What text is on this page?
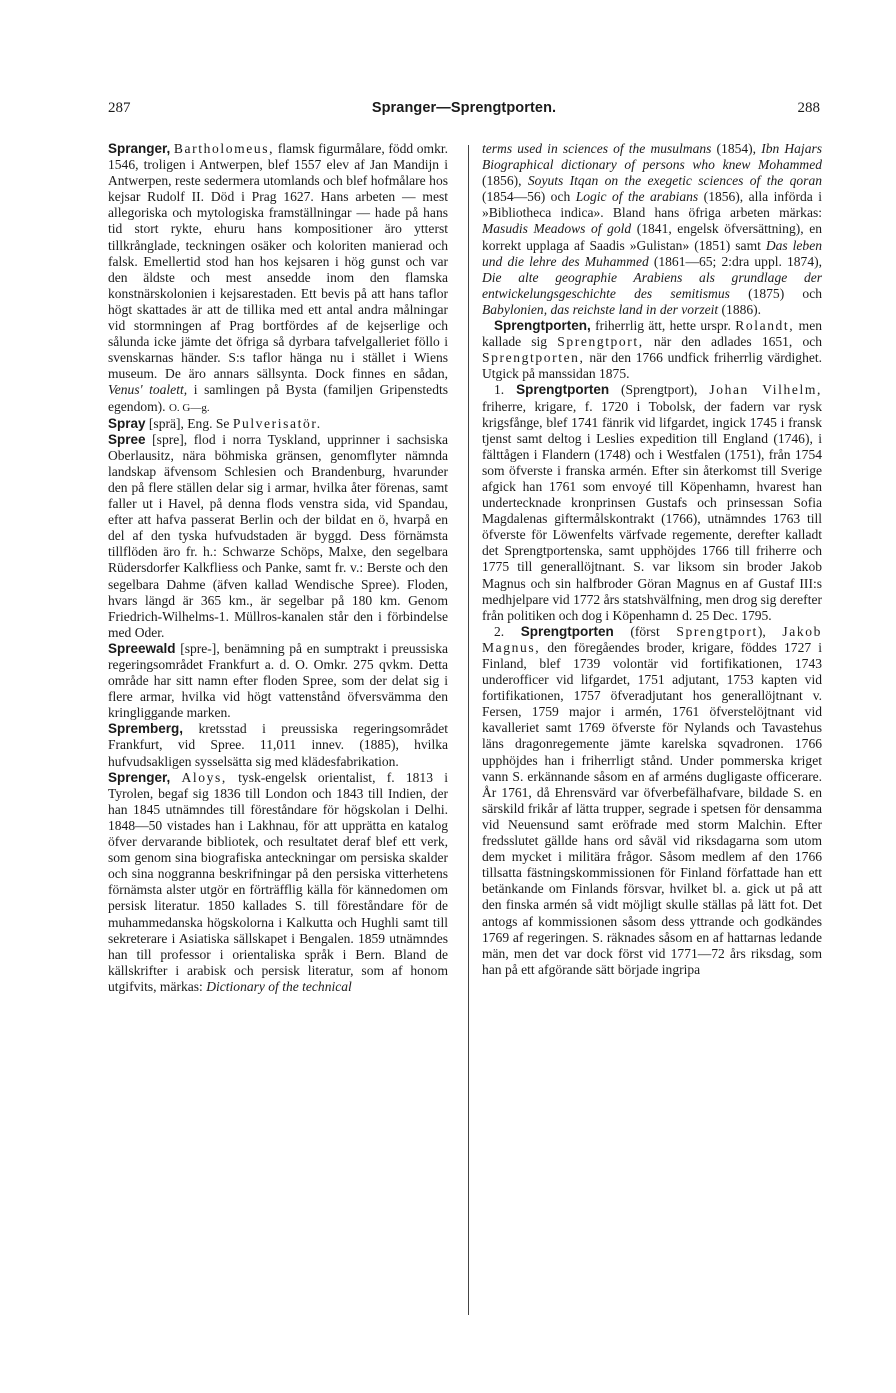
287	Spranger—Sprengtporten.	288

Spranger, Bartholomeus, flamsk figurmålare, född omkr. 1546, troligen i Antwerpen, blef 1557 elev af Jan Mandijn i Antwerpen, reste sedermera utomlands och blef hofmålare hos kejsar Rudolf II. Död i Prag 1627. Hans arbeten — mest allegoriska och mytologiska framställningar — hade på hans tid stort rykte, ehuru hans kompositioner äro ytterst tillkrånglade, teckningen osäker och koloriten manierad och falsk. Emellertid stod han hos kejsaren i hög gunst och var den äldste och mest ansedde inom den flamska konstnärskolonien i kejsarestaden. Ett bevis på att hans taflor högt skattades är att de tillika med ett antal andra målningar vid stormningen af Prag bortfördes af de kejserlige och sålunda icke jämte det öfriga så dyrbara tafvelgalleriet föllo i svenskarnas händer. S:s taflor hänga nu i stället i Wiens museum. De äro annars sällsynta. Dock finnes en sådan, Venus' toalett, i samlingen på Bysta (familjen Gripenstedts egendom). O. G—g.

Spray [sprä], Eng. Se Pulverisatör.

Spree [spre], flod i norra Tyskland, upprinner i sachsiska Oberlausitz, nära böhmiska gränsen, genomflyter nämnda landskap äfvensom Schlesien och Brandenburg, hvarunder den på flere ställen delar sig i armar, hvilka åter förenas, samt faller ut i Havel, på denna flods venstra sida, vid Spandau, efter att hafva passerat Berlin och der bildat en ö, hvarpå en del af den tyska hufvudstaden är byggd. Dess förnämsta tillflöden äro fr. h.: Schwarze Schöps, Malxe, den segelbara Rüdersdorfer Kalkfliess och Panke, samt fr. v.: Berste och den segelbara Dahme (äfven kallad Wendische Spree). Floden, hvars längd är 365 km., är segelbar på 180 km. Genom Friedrich-Wilhelms-1. Müllros-kanalen står den i förbindelse med Oder.

Spreewald [spre-], benämning på en sumptrakt i preussiska regeringsområdet Frankfurt a. d. O. Omkr. 275 qvkm. Detta område har sitt namn efter floden Spree, som der delat sig i flere armar, hvilka vid högt vattenstånd öfversvämma den kringliggande marken.

Spremberg, kretsstad i preussiska regeringsområdet Frankfurt, vid Spree. 11,011 innev. (1885), hvilka hufvudsakligen sysselsätta sig med klädesfabrikation.

Sprenger, Aloys, tysk-engelsk orientalist, f. 1813 i Tyrolen, begaf sig 1836 till London och 1843 till Indien, der han 1845 utnämndes till föreståndare för högskolan i Delhi. 1848—50 vistades han i Lakhnau, för att upprätta en katalog öfver dervarande bibliotek, och resultatet deraf blef ett verk, som genom sina biografiska anteckningar om persiska skalder och sina noggranna beskrifningar på den persiska vitterhetens förnämsta alster utgör en förträfflig källa för kännedomen om persisk literatur. 1850 kallades S. till föreståndare för de muhammedanska högskolorna i Kalkutta och Hughli samt till sekreterare i Asiatiska sällskapet i Bengalen. 1859 utnämndes han till professor i orientaliska språk i Bern. Bland de källskrifter i arabisk och persisk literatur, som af honom utgifvits, märkas: Dictionary of the technical

terms used in sciences of the musulmans (1854), Ibn Hajars Biographical dictionary of persons who knew Mohammed (1856), Soyuts Itqan on the exegetic sciences of the qoran (1854—56) och Logic of the arabians (1856), alla införda i »Bibliotheca indica». Bland hans öfriga arbeten märkas: Masudis Meadows of gold (1841, engelsk öfversättning), en korrekt upplaga af Saadis »Gulistan» (1851) samt Das leben und die lehre des Muhammed (1861—65; 2:dra uppl. 1874), Die alte geographie Arabiens als grundlage der entwickelungsgeschichte des semitismus (1875) och Babylonien, das reichste land in der vorzeit (1886).

Sprengtporten, friherrlig ätt, hette urspr. Rolandt, men kallade sig Sprengtport, när den adlades 1651, och Sprengtporten, när den 1766 undfick friherrlig värdighet. Utgick på manssidan 1875.

1. Sprengtporten (Sprengtport), Johan Vilhelm, friherre, krigare, f. 1720 i Tobolsk, der fadern var rysk krigsfånge, blef 1741 fänrik vid lifgardet, ingick 1745 i fransk tjenst samt deltog i Leslies expedition till England (1746), i fälttågen i Flandern (1748) och i Westfalen (1751), från 1754 som öfverste i franska armén. Efter sin återkomst till Sverige afgick han 1761 som envoyé till Köpenhamn, hvarest han undertecknade kronprinsen Gustafs och prinsessan Sofia Magdalenas giftermålskontrakt (1766), utnämndes 1763 till öfverste för Löwenfelts värfvade regemente, derefter kalladt det Sprengtportenska, samt upphöjdes 1766 till friherre och 1775 till generallöjtnant. S. var liksom sin broder Jakob Magnus och sin halfbroder Göran Magnus en af Gustaf III:s medhjelpare vid 1772 års statshvälfning, men drog sig derefter från politiken och dog i Köpenhamn d. 25 Dec. 1795.

2. Sprengtporten (först Sprengtport), Jakob Magnus, den föregåendes broder, krigare, föddes 1727 i Finland, blef 1739 volontär vid fortifikationen, 1743 underofficer vid lifgardet, 1751 adjutant, 1753 kapten vid fortifikationen, 1757 öfveradjutant hos generallöjtnant v. Fersen, 1759 major i armén, 1761 öfverstelöjtnant vid kavalleriet samt 1769 öfverste för Nylands och Tavastehus läns dragonregemente jämte karelska sqvadronen. 1766 upphöjdes han i friherrligt stånd. Under pommerska kriget vann S. erkännande såsom en af arméns dugligaste officerare. År 1761, då Ehrensvärd var öfverbefälhafvare, bildade S. en särskild frikår af lätta trupper, segrade i spetsen för densamma vid Neuensund samt eröfrade med storm Malchin. Efter fredsslutet gällde hans ord såväl vid riksdagarna som utom dem mycket i militära frågor. Såsom medlem af den 1766 tillsatta fästningskommissionen för Finland författade han ett betänkande om Finlands försvar, hvilket bl. a. gick ut på att den finska armén så vidt möjligt skulle ställas på lätt fot. Det antogs af kommissionen såsom dess yttrande och godkändes 1769 af regeringen. S. räknades såsom en af hattarnas ledande män, men det var dock först vid 1771—72 års riksdag, som han på ett afgörande sätt började ingripa
